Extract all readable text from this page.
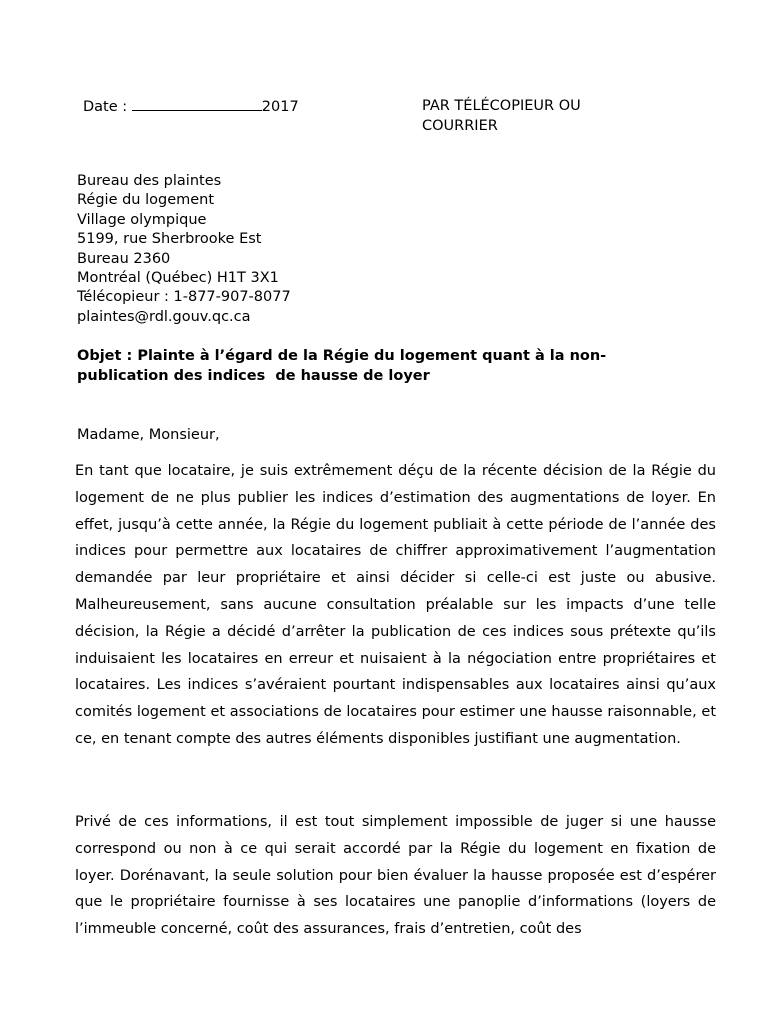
Date :	2017	PAR TÉLÉCOPIEUR OU
COURRIER
Bureau des plaintes
Régie du logement
Village olympique
5199, rue Sherbrooke Est
Bureau 2360
Montréal (Québec) H1T 3X1
Télécopieur : 1-877-907-8077
plaintes@rdl.gouv.qc.ca
Objet : Plainte à l’égard de la Régie du logement quant à la non-
publication des indices  de hausse de loyer
Madame, Monsieur,

En tant que locataire, je suis extrêmement déçu de la récente décision de la Régie du logement de ne plus publier les indices d’estimation des augmentations de loyer. En effet, jusqu’à cette année, la Régie du logement publiait à cette période de l’année des indices pour permettre aux locataires de chiffrer approximativement l’augmentation demandée par leur propriétaire et ainsi décider si celle-ci est juste ou abusive. Malheureusement, sans aucune consultation préalable sur les impacts d’une telle décision, la Régie a décidé d’arrêter la publication de ces indices sous prétexte qu’ils induisaient les locataires en erreur et nuisaient à la négociation entre propriétaires et locataires. Les indices s’avéraient pourtant indispensables aux locataires ainsi qu’aux comités logement et associations de locataires pour estimer une hausse raisonnable, et ce, en tenant compte des autres éléments disponibles justifiant une augmentation.

Privé de ces informations, il est tout simplement impossible de juger si une hausse correspond ou non à ce qui serait accordé par la Régie du logement en fixation de loyer. Dorénavant, la seule solution pour bien évaluer la hausse proposée est d’espérer que le propriétaire fournisse à ses locataires une panoplie d’informations (loyers de l’immeuble concerné, coût des assurances, frais d’entretien, coût des
